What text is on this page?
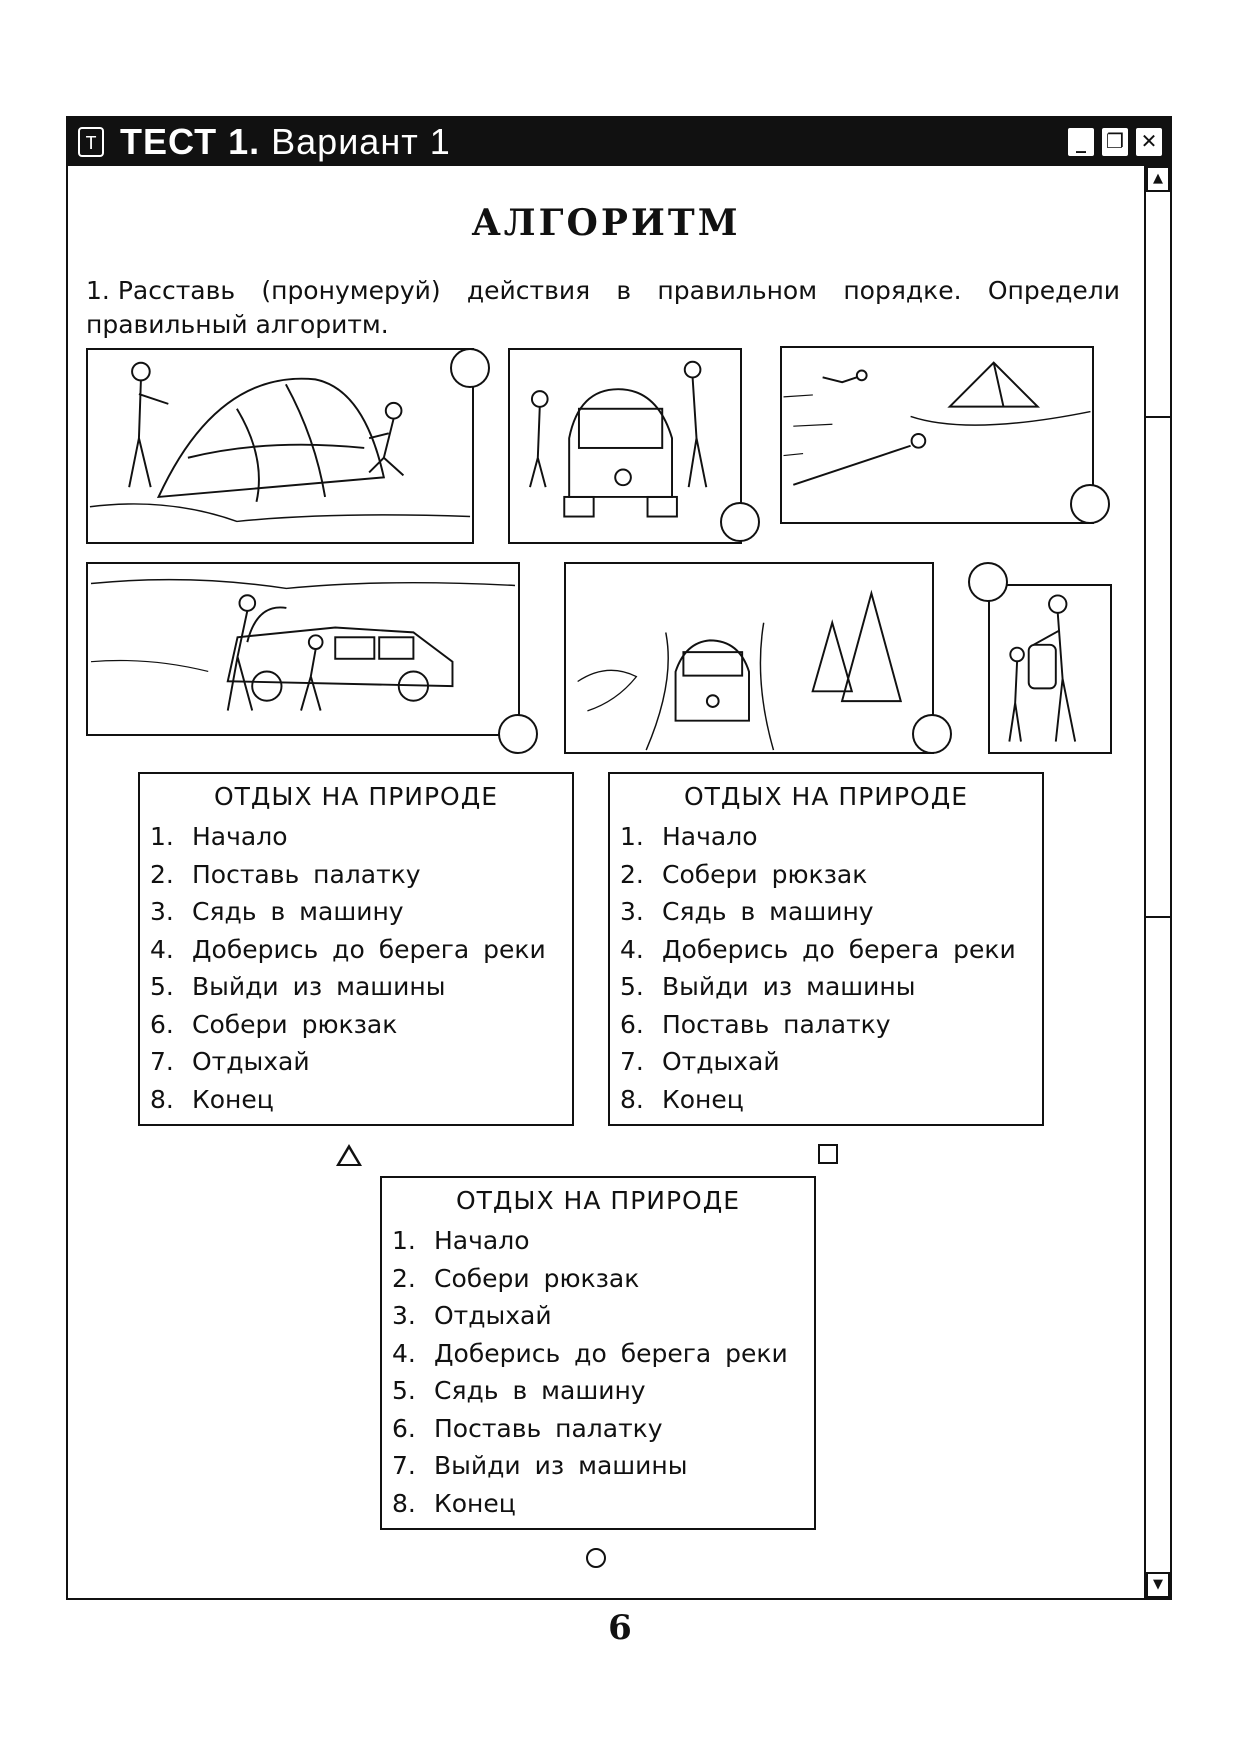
T ТЕСТ 1. Вариант 1	_	❐ ✕
▲
▼
АЛГОРИТМ
1. Расставь (пронумеруй) действия в правильном порядке. Определи правильный алгоритм.
ОТДЫХ НА ПРИРОДЕ
1. Начало
2. Поставь палатку
3. Сядь в машину
4. Доберись до берега реки
5. Выйди из машины
6. Собери рюкзак
7. Отдыхай
8. Конец
ОТДЫХ НА ПРИРОДЕ
1. Начало
2. Собери рюкзак
3. Сядь в машину
4. Доберись до берега реки
5. Выйди из машины
6. Поставь палатку
7. Отдыхай
8. Конец
ОТДЫХ НА ПРИРОДЕ
1. Начало
2. Собери рюкзак
3. Отдыхай
4. Доберись до берега реки
5. Сядь в машину
6. Поставь палатку
7. Выйди из машины
8. Конец
6
